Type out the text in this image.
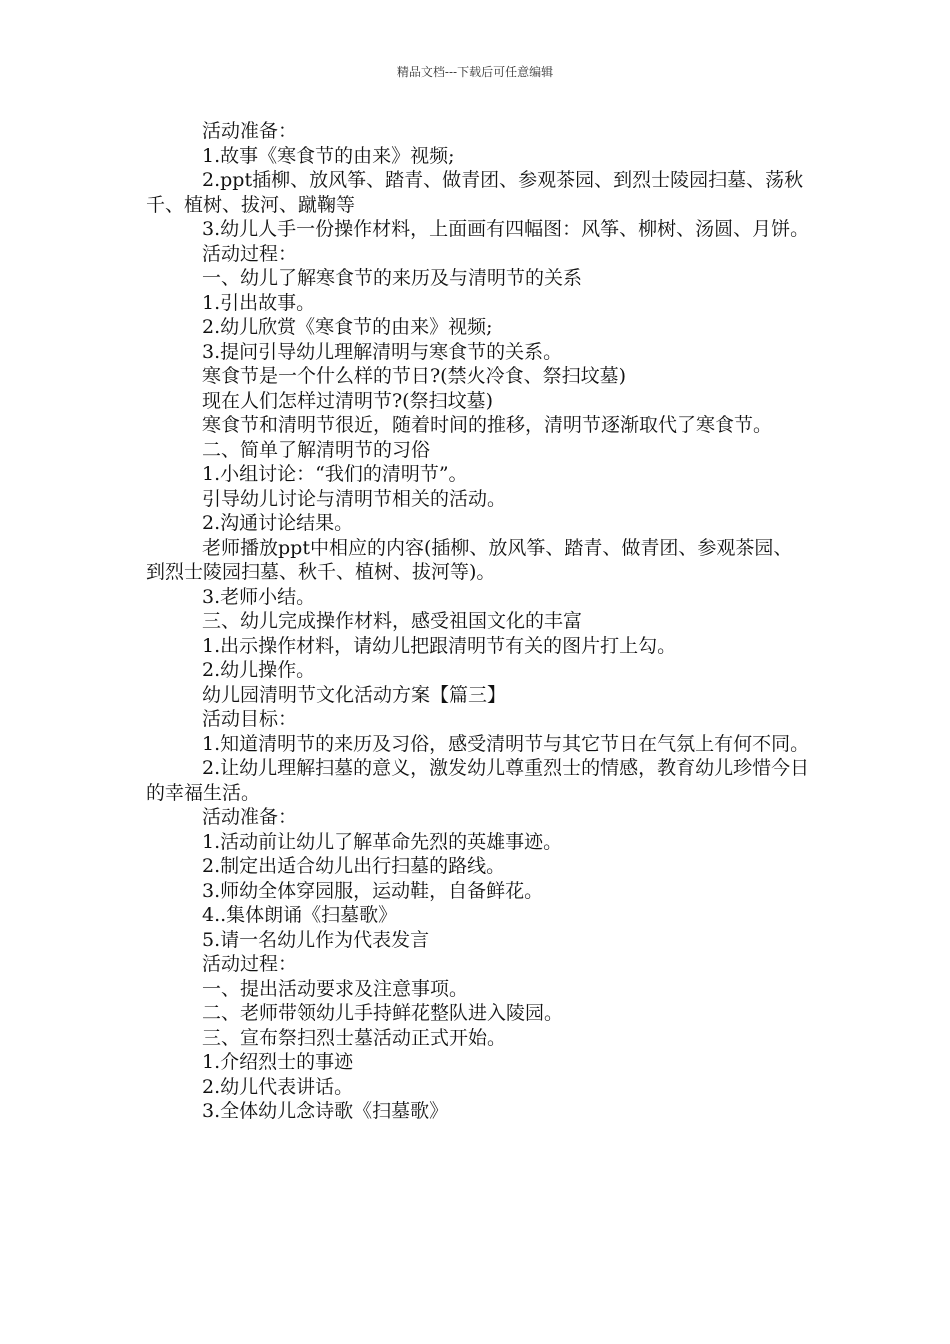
精品文档---下载后可任意编辑

活动准备：

1.故事《寒食节的由来》视频;

2.ppt插柳、放风筝、踏青、做青团、参观茶园、到烈士陵园扫墓、荡秋千、植树、拔河、蹴鞠等

3.幼儿人手一份操作材料，上面画有四幅图：风筝、柳树、汤圆、月饼。

活动过程：

一、幼儿了解寒食节的来历及与清明节的关系

1.引出故事。

2.幼儿欣赏《寒食节的由来》视频;

3.提问引导幼儿理解清明与寒食节的关系。

寒食节是一个什么样的节日?(禁火冷食、祭扫坟墓)

现在人们怎样过清明节?(祭扫坟墓)

寒食节和清明节很近，随着时间的推移，清明节逐渐取代了寒食节。

二、简单了解清明节的习俗

1.小组讨论：“我们的清明节”。

引导幼儿讨论与清明节相关的活动。

2.沟通讨论结果。

老师播放ppt中相应的内容(插柳、放风筝、踏青、做青团、参观茶园、到烈士陵园扫墓、秋千、植树、拔河等)。

3.老师小结。

三、幼儿完成操作材料，感受祖国文化的丰富

1.出示操作材料，请幼儿把跟清明节有关的图片打上勾。

2.幼儿操作。

幼儿园清明节文化活动方案【篇三】

活动目标：

1.知道清明节的来历及习俗，感受清明节与其它节日在气氛上有何不同。

2.让幼儿理解扫墓的意义，激发幼儿尊重烈士的情感，教育幼儿珍惜今日的幸福生活。

活动准备：

1.活动前让幼儿了解革命先烈的英雄事迹。

2.制定出适合幼儿出行扫墓的路线。

3.师幼全体穿园服，运动鞋，自备鲜花。

4..集体朗诵《扫墓歌》

5.请一名幼儿作为代表发言

活动过程：

一、提出活动要求及注意事项。

二、老师带领幼儿手持鲜花整队进入陵园。

三、宣布祭扫烈士墓活动正式开始。

1.介绍烈士的事迹

2.幼儿代表讲话。

3.全体幼儿念诗歌《扫墓歌》
